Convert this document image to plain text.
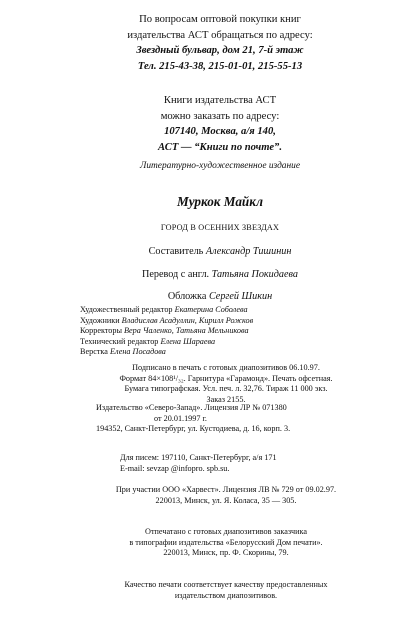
По вопросам оптовой покупки книг
издательства АСТ обращаться по адресу:
Звездный бульвар, дом 21, 7-й этаж
Тел. 215-43-38, 215-01-01, 215-55-13
Книги издательства АСТ
можно заказать по адресу:
107140, Москва, а/я 140,
АСТ — “Книги по почте”.
Литературно-художественное издание
Муркок Майкл
ГОРОД В ОСЕННИХ ЗВЕЗДАХ
Составитель Александр Тишинин
Перевод с англ. Татьяна Покидаева
Обложка Сергей Шикин
Художественный редактор Екатерина Соболева
Художники Владислав Асадуллин, Кирилл Рожков
Корректоры Вера Чаленко, Татьяна Мельникова
Технический редактор Елена Шараева
Верстка Елена Посадова
Подписано в печать с готовых диапозитивов 06.10.97.
Формат 84×108¹/₃₂. Гарнитура «Гарамонд». Печать офсетная.
Бумага типографская. Усл. печ. л. 32,76. Тираж 11 000 экз.
Заказ 2155.
Издательство «Северо-Запад». Лицензия ЛР № 071380
от 20.01.1997 г.
194352, Санкт-Петербург, ул. Кустодиева, д. 16, корп. 3.
Для писем: 197110, Санкт-Петербург, а/я 171
E-mail: sevzap @infopro. spb.su.
При участии ООО «Харвест». Лицензия ЛВ № 729 от 09.02.97.
220013, Минск, ул. Я. Коласа, 35 — 305.
Отпечатано с готовых диапозитивов заказчика
в типографии издательства «Белорусский Дом печати».
220013, Минск, пр. Ф. Скорины, 79.
Качество печати соответствует качеству предоставленных
издательством диапозитивов.
